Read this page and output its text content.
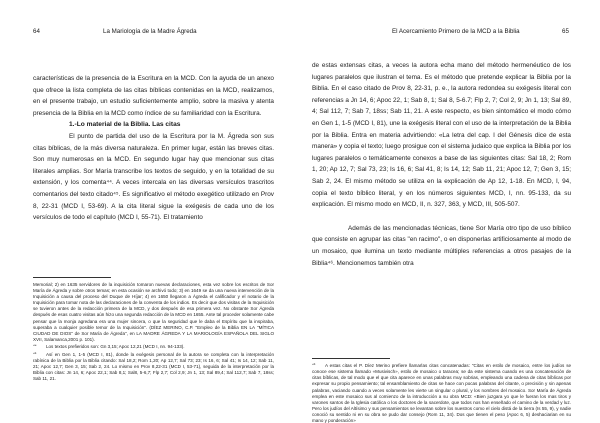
64	La Mariología de la Madre Ágreda

características de la presencia de la Escritura en la MCD. Con la ayuda de un anexo que ofrece la lista completa de las citas bíblicas contenidas en la MCD, realizamos, en el presente trabajo, un estudio suficientemente amplio, sobre la masiva y atenta presencia de la Biblia en la MCD como índice de su familiaridad con la Escritura.

1.-Lo material de la Biblia. Las citas

El punto de partida del uso de la Escritura por la M. Ágreda son sus citas bíblicas, de la más diversa naturaleza. En primer lugar, están las breves citas. Son muy numerosas en la MCD. En segundo lugar hay que mencionar sus citas literales amplias. Sor María transcribe los textos de seguido, y en la totalidad de su extensión, y los comenta⁴⁴. A veces intercala en las diversas versículos trascritos comentarios del texto citado⁴⁵. Es significativo el método exegético utilizado en Prov 8, 22-31 (MCD I, 53-69). A la cita literal sigue la exégesis de cada uno de los versículos de todo el capítulo (MCD I, 55-71). El tratamiento

Memorial; 2) en 1635 servidores de la inquisición tomaron nuevas declaraciones, esta vez sobre los escritos de Sor María de Ágreda y sobre otros temas; en esta ocasión se archivó todo; 3) en 1649 se da una nueva intervención de la Inquisición a causa del proceso del Duque de Híjar; 4) en 1650 llegaron a Ágreda el calificador y el notario de la Inquisición para tomar nota de las declaraciones de la conventa de los indios. Es decir que dos visitas de la Inquisición se tuvieron antes de la redacción primera de la MCD, y dos después de esa primera vez. No obstante Sor Ágreda después de esas cuatro visitas aún hizo una segunda redacción de la MCD en 1655. Ante tal proceder solamente cabe pensar que la monja agredana era una mujer sincera, o que la seguridad que le daba el Espíritu que la inspiraba, superaba a cualquier posible temor de la Inquisición". (DÍEZ MERINO, C.P. "Empleo de la Biblia EN LA "MÍTICA CIUDAD DE DIOS" de Sor María de Ágreda", en LA MADRE ÁGREDA Y LA MARIOLOGÍA ESPAÑOLA DEL SIGLO XVII, Salamanca,2001 p. 101).

⁴⁴ Los textos prefieridos son: Gn 3,15; Apoc 12,21 (MCD I, nn. 94-133).

⁴⁵ Así en Gen 1, 1-5 (MCD I, 81), donde la exégesis personal de la autora se completa con la interpretación rabínica de la Biblia por la Biblia citando: Sal 18,2; Rom 1,20; Ap 12,7; Sal 73; 23; Is 16, 6; Sal 41; Is 14, 12; Sab 11, 21; Apoc 12,7; Gen 3, 15; Sab 2, 24. Lo mismo en Prov 8,22-31 (MCD I, 53-71), seguida de la interpretación por la Biblia con citas: Jn 14, 6; Apoc 22,1; Sab 8,1; Sal8, 5-6,7; Flp 2,7; Col 2,9; Jn 1, 13; Sal 89,4; Sal 112,7; Sab 7, 18ss; Sab 11, 21.

El Acercamiento Primero de la MCD a la Biblia	65

de estas extensas citas, a veces la autora echa mano del método hermenéutico de los lugares paralelos que ilustran el tema. Es el método que pretende explicar la Biblia por la Biblia. En el caso citado de Prov 8, 22-31, p. e., la autora redondea su exégesis literal con referencias a Jn 14, 6; Apoc 22, 1; Sab 8, 1; Sal 8, 5-6.7; Flp 2, 7; Col 2, 9; Jn 1, 13; Sal 89, 4; Sal 112, 7; Sab 7, 18ss; Sab 11, 21. A este respecto, es bien sintomático el modo cómo en Gen 1, 1-5 (MCD I, 81), une la exégesis literal con el uso de la interpretación de la Biblia por la Biblia. Entra en materia advirtiendo: «La letra del cap. I del Génesis dice de esta manera» y copia el texto; luego prosigue con el sistema judaico que explica la Biblia por los lugares paralelos o temáticamente conexos a base de las siguientes citas: Sal 18, 2; Rom 1, 20; Ap 12, 7; Sal 73, 23; Is 16, 6; Sal 41, 8; Is 14, 12; Sab 11, 21; Apoc 12, 7; Gen 3, 15; Sab 2, 24. El mismo método se utiliza en la explicación de Ap 12, 1-18. En MCD, I, 94, copia el texto bíblico literal, y en los números siguientes MCD, I, nn. 95-133, da su explicación. El mismo modo en MCD, II, n. 327, 363, y MCD, III, 505-507.

Además de las mencionadas técnicas, tiene Sor María otro tipo de uso bíblico que consiste en agrupar las citas "en racimo", o en disponerlas artificiosamente al modo de un mosaico, que ilumina un texto mediante múltiples referencias a otros pasajes de la Biblia⁴⁶. Mencionemos también otra

⁴⁶ A estas citas el P. Díez Merino prefiere llamarlas citas concatenadas: "Citas en estilo de mosaico, entre los judíos se conoce ese sistema llamado «Musivisch», estilo de mosaico o taracea; se da este sistema cuando es una concatenación de citas bíblicas, de tal modo que el que cita aparece en unas palabras muy sobrias, empleando una cadena de citas bíblicas por expresar su propio pensamiento; tal ensamblamiento de citas se hace con pocas palabras del citante, o precisión y sin apenas palabras, vaciando cuando a veces solamente les vierte un singular o plural, y los nombres del mosaico. Sor María de Ágreda emplea en este mosaico sus al comienzo de la introducción a su obra MCD: «Bien juzgara yo que le fueran los mas tiros y varones santos de la Iglesia católica o los doctores de la sacerdote, que todos nos han enseñado el camino de la verdad y luz. Pero los judíos del Altísimo y sus pensamientos se levantan sobre los nuestros como el cielo distá de la tierra (Is 55, 9), y nadie conoció su sentido ni en su obra se pudo dar consejo (Rom 11, 34). Dos que tienen el peso (Apoc 6, 5) deshaciarian en su mano y ponderación»
